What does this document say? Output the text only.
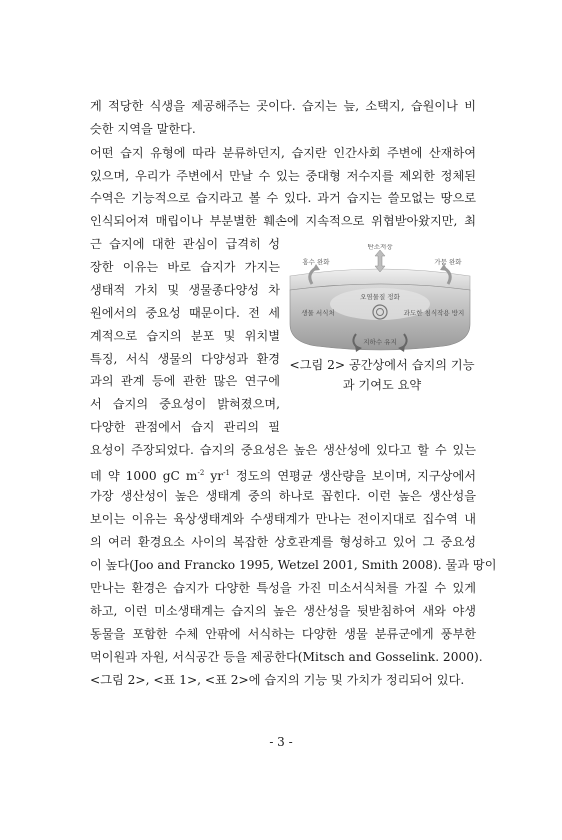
게 적당한 식생을 제공해주는 곳이다. 습지는 늪, 소택지, 습원이나 비
슷한 지역을 말한다.
어떤 습지 유형에 따라 분류하던지, 습지란 인간사회 주변에 산재하여
있으며, 우리가 주변에서 만날 수 있는 중대형 저수지를 제외한 정체된
수역은 기능적으로 습지라고 볼 수 있다. 과거 습지는 쓸모없는 땅으로
인식되어져 매립이나 부분별한 훼손에 지속적으로 위협받아왔지만, 최
근 습지에 대한 관심이 급격히 성
장한 이유는 바로 습지가 가지는
생태적 가치 및 생물종다양성 차
원에서의 중요성 때문이다. 전 세
계적으로 습지의 분포 및 위치별
특징, 서식 생물의 다양성과 환경
과의 관계 등에 관한 많은 연구에
서 습지의 중요성이 밝혀졌으며,
다양한 관점에서 습지 관리의 필
탄소저장
홍수 완화	가뭄 완화
오염물질 정화
생물 서식처	과도한 침식작용 방지
지하수 유지
<그림 2> 공간상에서 습지의 기능
과 기여도 요약
요성이 주장되었다. 습지의 중요성은 높은 생산성에 있다고 할 수 있는
데 약 1000 gC $m^{-2}$ $yr^{-1}$ 정도의 연평균 생산량을 보이며, 지구상에서
가장 생산성이 높은 생태계 중의 하나로 꼽힌다. 이런 높은 생산성을
보이는 이유는 육상생태계와 수생태계가 만나는 전이지대로 집수역 내
의 여러 환경요소 사이의 복잡한 상호관계를 형성하고 있어 그 중요성
이 높다(Joo and Francko 1995, Wetzel 2001, Smith 2008). 물과 땅이
만나는 환경은 습지가 다양한 특성을 가진 미소서식처를 가질 수 있게
하고, 이런 미소생태계는 습지의 높은 생산성을 뒷받침하여 새와 야생
동물을 포함한 수체 안팎에 서식하는 다양한 생물 분류군에게 풍부한
먹이원과 자원, 서식공간 등을 제공한다(Mitsch and Gosselink. 2000).
<그림 2>, <표 1>, <표 2>에 습지의 기능 및 가치가 정리되어 있다.
- 3 -
